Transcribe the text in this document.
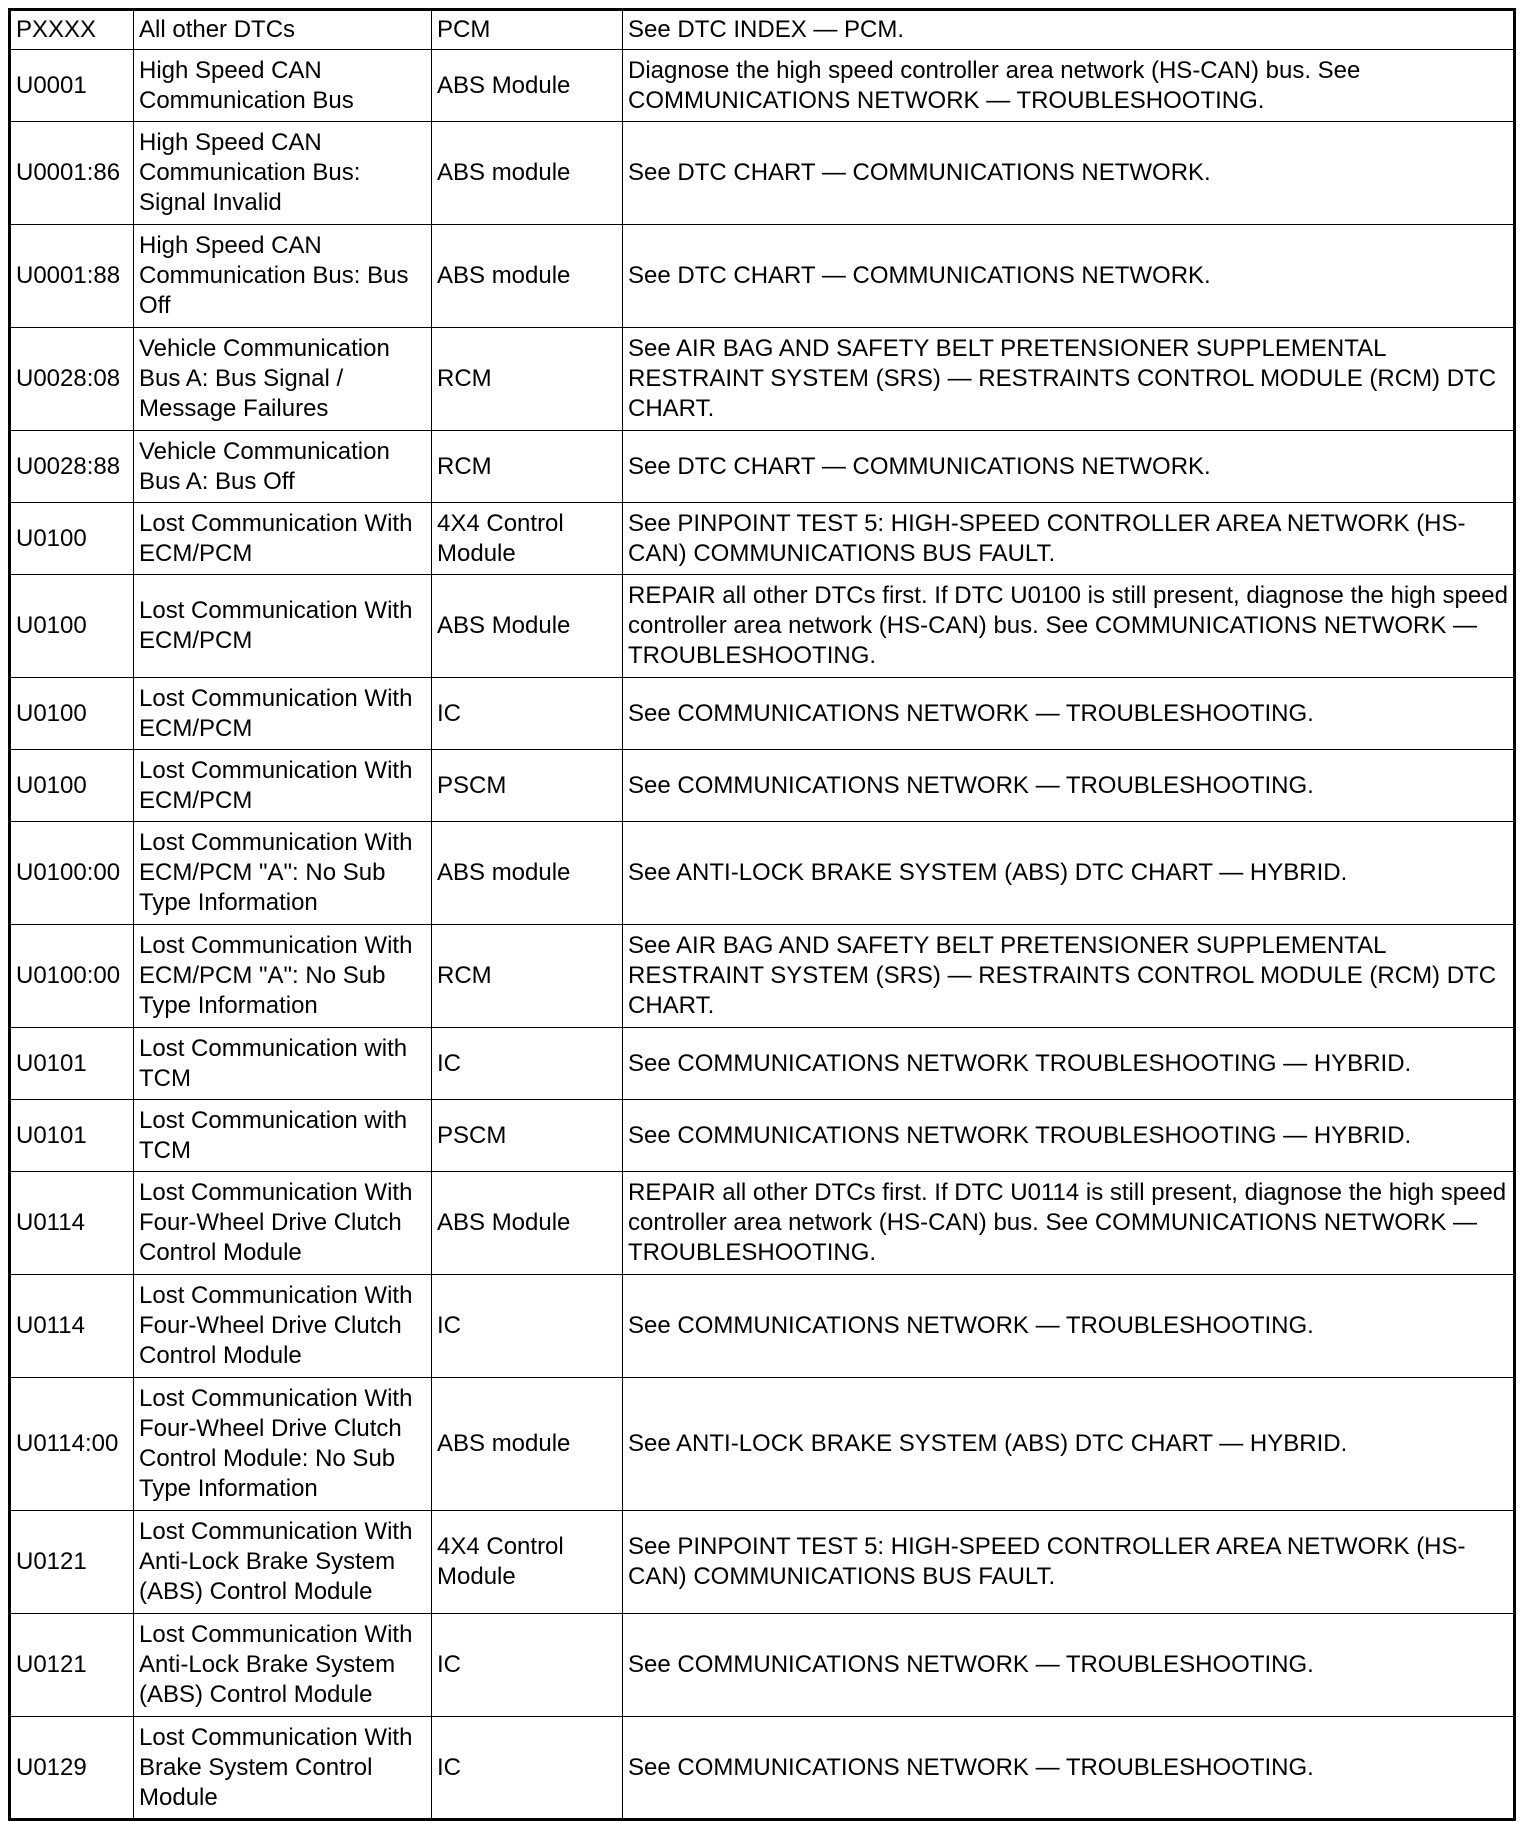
PXXXX	All other DTCs	PCM	See DTC INDEX — PCM.
U0001	High Speed CAN Communication Bus	ABS Module	Diagnose the high speed controller area network (HS-CAN) bus. See COMMUNICATIONS NETWORK — TROUBLESHOOTING.
U0001:86	High Speed CAN Communication Bus: Signal Invalid	ABS module	See DTC CHART — COMMUNICATIONS NETWORK.
U0001:88	High Speed CAN Communication Bus: Bus Off	ABS module	See DTC CHART — COMMUNICATIONS NETWORK.
U0028:08	Vehicle Communication Bus A: Bus Signal / Message Failures	RCM	See AIR BAG AND SAFETY BELT PRETENSIONER SUPPLEMENTAL RESTRAINT SYSTEM (SRS) — RESTRAINTS CONTROL MODULE (RCM) DTC CHART.
U0028:88	Vehicle Communication Bus A: Bus Off	RCM	See DTC CHART — COMMUNICATIONS NETWORK.
U0100	Lost Communication With ECM/PCM	4X4 Control Module	See PINPOINT TEST 5: HIGH-SPEED CONTROLLER AREA NETWORK (HS-CAN) COMMUNICATIONS BUS FAULT.
U0100	Lost Communication With ECM/PCM	ABS Module	REPAIR all other DTCs first. If DTC U0100 is still present, diagnose the high speed controller area network (HS-CAN) bus. See COMMUNICATIONS NETWORK — TROUBLESHOOTING.
U0100	Lost Communication With ECM/PCM	IC	See COMMUNICATIONS NETWORK — TROUBLESHOOTING.
U0100	Lost Communication With ECM/PCM	PSCM	See COMMUNICATIONS NETWORK — TROUBLESHOOTING.
U0100:00	Lost Communication With ECM/PCM "A": No Sub Type Information	ABS module	See ANTI-LOCK BRAKE SYSTEM (ABS) DTC CHART — HYBRID.
U0100:00	Lost Communication With ECM/PCM "A": No Sub Type Information	RCM	See AIR BAG AND SAFETY BELT PRETENSIONER SUPPLEMENTAL RESTRAINT SYSTEM (SRS) — RESTRAINTS CONTROL MODULE (RCM) DTC CHART.
U0101	Lost Communication with TCM	IC	See COMMUNICATIONS NETWORK TROUBLESHOOTING — HYBRID.
U0101	Lost Communication with TCM	PSCM	See COMMUNICATIONS NETWORK TROUBLESHOOTING — HYBRID.
U0114	Lost Communication With Four-Wheel Drive Clutch Control Module	ABS Module	REPAIR all other DTCs first. If DTC U0114 is still present, diagnose the high speed controller area network (HS-CAN) bus. See COMMUNICATIONS NETWORK — TROUBLESHOOTING.
U0114	Lost Communication With Four-Wheel Drive Clutch Control Module	IC	See COMMUNICATIONS NETWORK — TROUBLESHOOTING.
U0114:00	Lost Communication With Four-Wheel Drive Clutch Control Module: No Sub Type Information	ABS module	See ANTI-LOCK BRAKE SYSTEM (ABS) DTC CHART — HYBRID.
U0121	Lost Communication With Anti-Lock Brake System (ABS) Control Module	4X4 Control Module	See PINPOINT TEST 5: HIGH-SPEED CONTROLLER AREA NETWORK (HS-CAN) COMMUNICATIONS BUS FAULT.
U0121	Lost Communication With Anti-Lock Brake System (ABS) Control Module	IC	See COMMUNICATIONS NETWORK — TROUBLESHOOTING.
U0129	Lost Communication With Brake System Control Module	IC	See COMMUNICATIONS NETWORK — TROUBLESHOOTING.
